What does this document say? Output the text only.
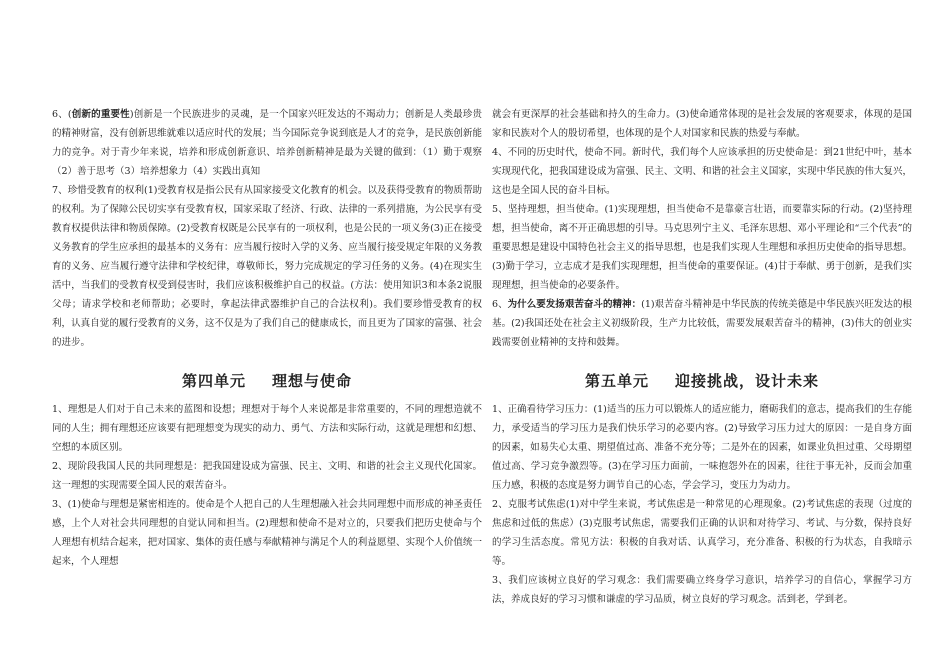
6、(创新的重要性)创新是一个民族进步的灵魂，是一个国家兴旺发达的不竭动力；创新是人类最珍贵的精神财富，没有创新思维就难以适应时代的发展；当今国际竞争说到底是人才的竞争，是民族创新能力的竞争。对于青少年来说，培养和形成创新意识、培养创新精神是最为关键的做到：（1）勤于观察（2）善于思考（3）培养想象力（4）实践出真知

7、珍惜受教育的权利(1)受教育权是指公民有从国家接受文化教育的机会。以及获得受教育的物质帮助的权利。为了保障公民切实享有受教育权，国家采取了经济、行政、法律的一系列措施，为公民享有受教育权提供法律和物质保障。(2)受教育权既是公民享有的一项权利，也是公民的一项义务(3)正在接受义务教育的学生应承担的最基本的义务有：应当履行按时入学的义务、应当履行接受规定年限的义务教育的义务、应当履行遵守法律和学校纪律，尊敬师长，努力完成规定的学习任务的义务。(4)在现实生活中，当我们的受教育权受到侵害时，我们应该积极维护自己的权益。(方法：使用知识3和本条2说服父母；请求学校和老师帮助；必要时，拿起法律武器维护自己的合法权利)。我们要珍惜受教育的权利，认真自觉的履行受教育的义务，这不仅是为了我们自己的健康成长，而且更为了国家的富强、社会的进步。

第四单元 理想与使命

1、理想是人们对于自己未来的蓝图和设想；理想对于每个人来说都是非常重要的，不同的理想造就不同的人生；拥有理想还应该要有把理想变为现实的动力、勇气、方法和实际行动，这就是理想和幻想、空想的本质区别。

2、现阶段我国人民的共同理想是：把我国建设成为富强、民主、文明、和谐的社会主义现代化国家。这一理想的实现需要全国人民的艰苦奋斗。

3、(1)使命与理想是紧密相连的。使命是个人把自己的人生理想融入社会共同理想中而形成的神圣责任感，上个人对社会共同理想的自觉认同和担当。(2)理想和使命不是对立的，只要我们把历史使命与个人理想有机结合起来，把对国家、集体的责任感与奉献精神与满足个人的利益愿望、实现个人价值统一起来，个人理想

就会有更深厚的社会基础和持久的生命力。(3)使命通常体现的是社会发展的客观要求，体现的是国家和民族对个人的殷切希望，也体现的是个人对国家和民族的热爱与奉献。

4、不同的历史时代，使命不同。新时代，我们每个人应该承担的历史使命是：到21世纪中叶，基本实现现代化，把我国建设成为富强、民主、文明、和谐的社会主义国家，实现中华民族的伟大复兴，这也是全国人民的奋斗目标。

5、坚持理想，担当使命。(1)实现理想，担当使命不是靠豪言壮语，而要靠实际的行动。(2)坚持理想，担当使命，离不开正确思想的引导。马克思列宁主义、毛泽东思想、邓小平理论和“三个代表”的重要思想是建设中国特色社会主义的指导思想，也是我们实现人生理想和承担历史使命的指导思想。(3)勤于学习，立志成才是我们实现理想，担当使命的重要保证。(4)甘于奉献、勇于创新，是我们实现理想，担当使命的必要条件。

6、为什么要发扬艰苦奋斗的精神：(1)艰苦奋斗精神是中华民族的传统美德是中华民族兴旺发达的根基。(2)我国还处在社会主义初级阶段，生产力比较低，需要发展艰苦奋斗的精神，(3)伟大的创业实践需要创业精神的支持和鼓舞。

第五单元 迎接挑战，设计未来

1、正确看待学习压力：(1)适当的压力可以锻炼人的适应能力，磨砺我们的意志，提高我们的生存能力，承受适当的学习压力是我们快乐学习的必要内容。(2)导致学习压力过大的原因：一是自身方面的因素，如易失心太重、期望值过高、准备不充分等；二是外在的因素，如课业负担过重、父母期望值过高、学习竞争激烈等。(3)在学习压力面前，一味抱怨外在的因素，往往于事无补，反而会加重压力感，积极的态度是努力调节自己的心态，学会学习，变压力为动力。

2、克服考试焦虑(1)对中学生来说，考试焦虑是一种常见的心理现象。(2)考试焦虑的表现（过度的焦虑和过低的焦虑）(3)克服考试焦虑，需要我们正确的认识和对待学习、考试、与分数，保持良好的学习生活态度。常见方法：积极的自我对话、认真学习，充分准备、积极的行为状态，自我暗示等。

3、我们应该树立良好的学习观念：我们需要确立终身学习意识，培养学习的自信心，掌握学习方法，养成良好的学习习惯和谦虚的学习品质，树立良好的学习观念。活到老，学到老。
